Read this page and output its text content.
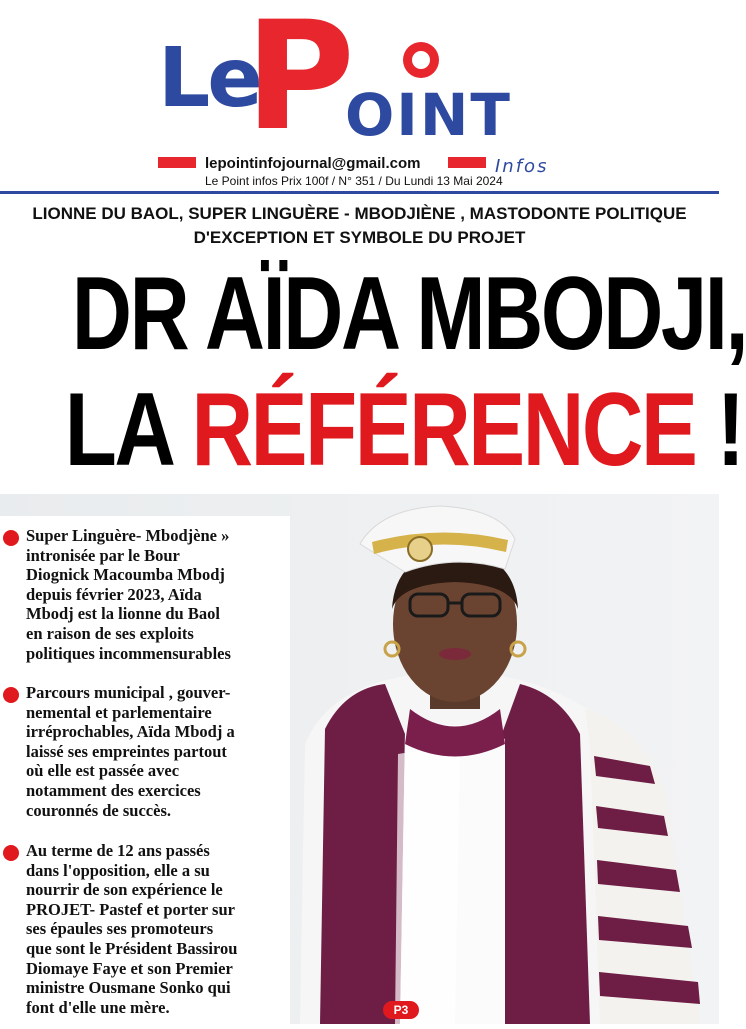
Le
P
OINT
lepointinfojournal@gmail.com	Infos
Le Point infos Prix 100f / N° 351 / Du Lundi 13 Mai 2024
LIONNE DU BAOL, SUPER LINGUÈRE - MBODJIÈNE , MASTODONTE POLITIQUE D'EXCEPTION ET SYMBOLE DU PROJET
DR AÏDA MBODJI,
LA RÉFÉRENCE !
Super Linguère- Mbodjène »
intronisée par le Bour
Diognick Macoumba Mbodj
depuis février 2023, Aïda
Mbodj est la lionne du Baol
en raison de ses exploits
politiques incommensurables
Parcours municipal , gouver-
nemental et parlementaire
irréprochables, Aïda Mbodj a
laissé ses empreintes partout
où elle est passée avec
notamment des exercices
couronnés de succès.
Au terme de 12 ans passés
dans l'opposition, elle a su
nourrir de son expérience le
PROJET- Pastef et porter sur
ses épaules ses promoteurs
que sont le Président Bassirou
Diomaye Faye et son Premier
ministre Ousmane Sonko qui
font d'elle une mère.	P3
